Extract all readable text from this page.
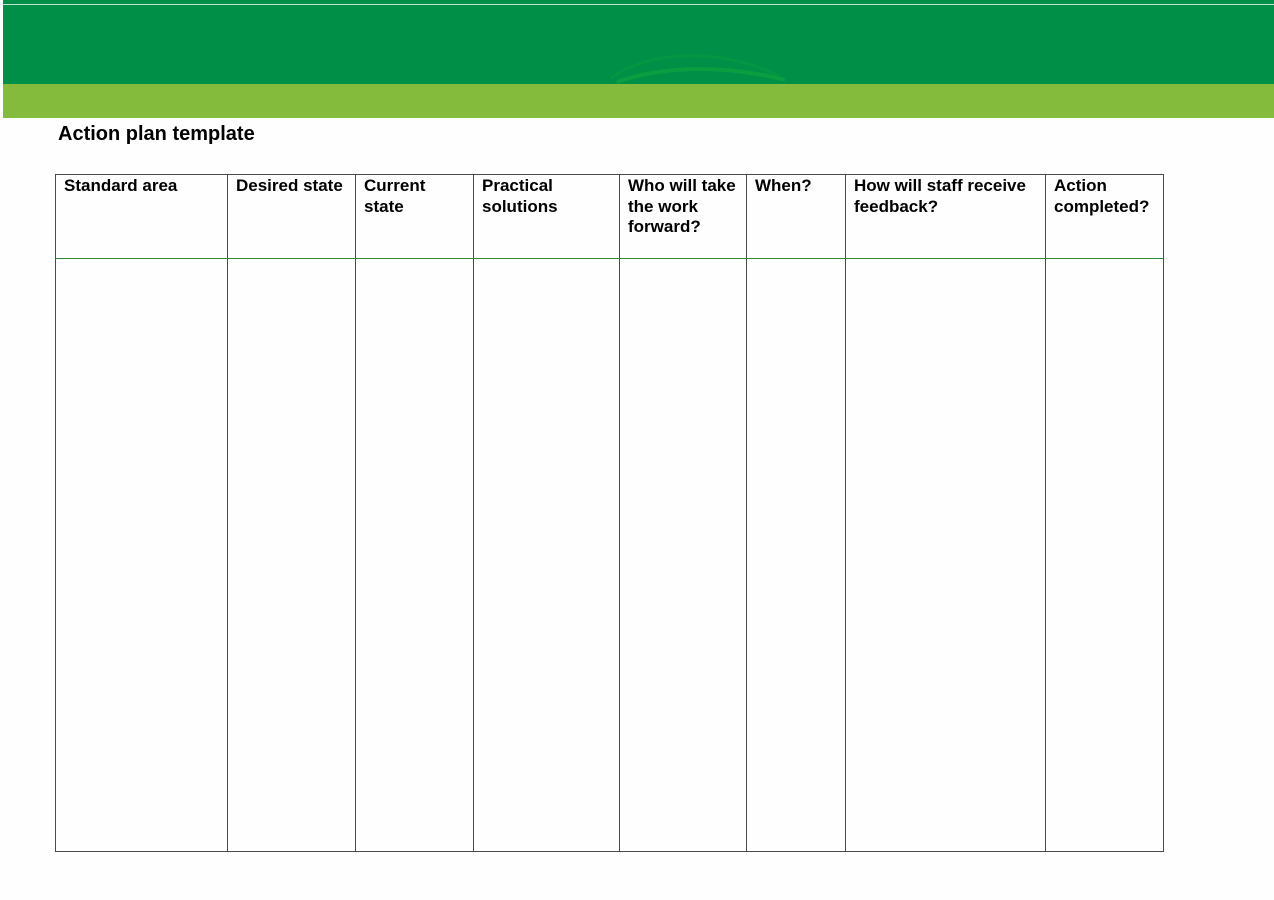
Action plan template
Standard area	Desired state	Current state	Practical solutions	Who will take the work forward?	When?	How will staff receive feedback?	Action completed?
